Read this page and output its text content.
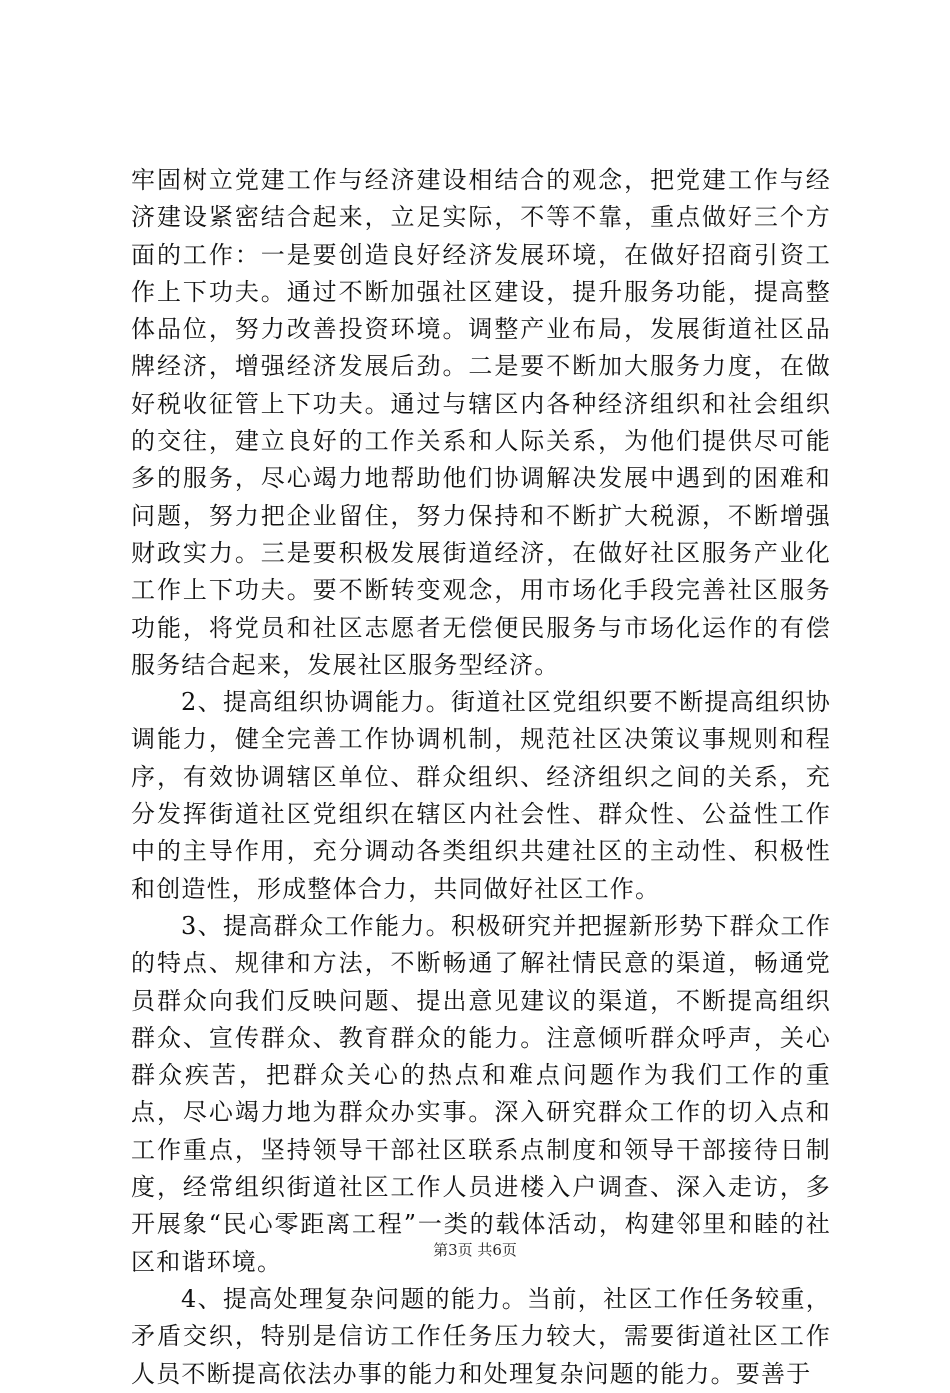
牢固树立党建工作与经济建设相结合的观念，把党建工作与经济建设紧密结合起来，立足实际，不等不靠，重点做好三个方面的工作：一是要创造良好经济发展环境，在做好招商引资工作上下功夫。通过不断加强社区建设，提升服务功能，提高整体品位，努力改善投资环境。调整产业布局，发展街道社区品牌经济，增强经济发展后劲。二是要不断加大服务力度，在做好税收征管上下功夫。通过与辖区内各种经济组织和社会组织的交往，建立良好的工作关系和人际关系，为他们提供尽可能多的服务，尽心竭力地帮助他们协调解决发展中遇到的困难和问题，努力把企业留住，努力保持和不断扩大税源，不断增强财政实力。三是要积极发展街道经济，在做好社区服务产业化工作上下功夫。要不断转变观念，用市场化手段完善社区服务功能，将党员和社区志愿者无偿便民服务与市场化运作的有偿服务结合起来，发展社区服务型经济。

2、提高组织协调能力。街道社区党组织要不断提高组织协调能力，健全完善工作协调机制，规范社区决策议事规则和程序，有效协调辖区单位、群众组织、经济组织之间的关系，充分发挥街道社区党组织在辖区内社会性、群众性、公益性工作中的主导作用，充分调动各类组织共建社区的主动性、积极性和创造性，形成整体合力，共同做好社区工作。

3、提高群众工作能力。积极研究并把握新形势下群众工作的特点、规律和方法，不断畅通了解社情民意的渠道，畅通党员群众向我们反映问题、提出意见建议的渠道，不断提高组织群众、宣传群众、教育群众的能力。注意倾听群众呼声，关心群众疾苦，把群众关心的热点和难点问题作为我们工作的重点，尽心竭力地为群众办实事。深入研究群众工作的切入点和工作重点，坚持领导干部社区联系点制度和领导干部接待日制度，经常组织街道社区工作人员进楼入户调查、深入走访，多开展象“民心零距离工程”一类的载体活动，构建邻里和睦的社区和谐环境。

4、提高处理复杂问题的能力。当前，社区工作任务较重，矛盾交织，特别是信访工作任务压力较大，需要街道社区工作人员不断提高依法办事的能力和处理复杂问题的能力。要善于

第3页 共6页
